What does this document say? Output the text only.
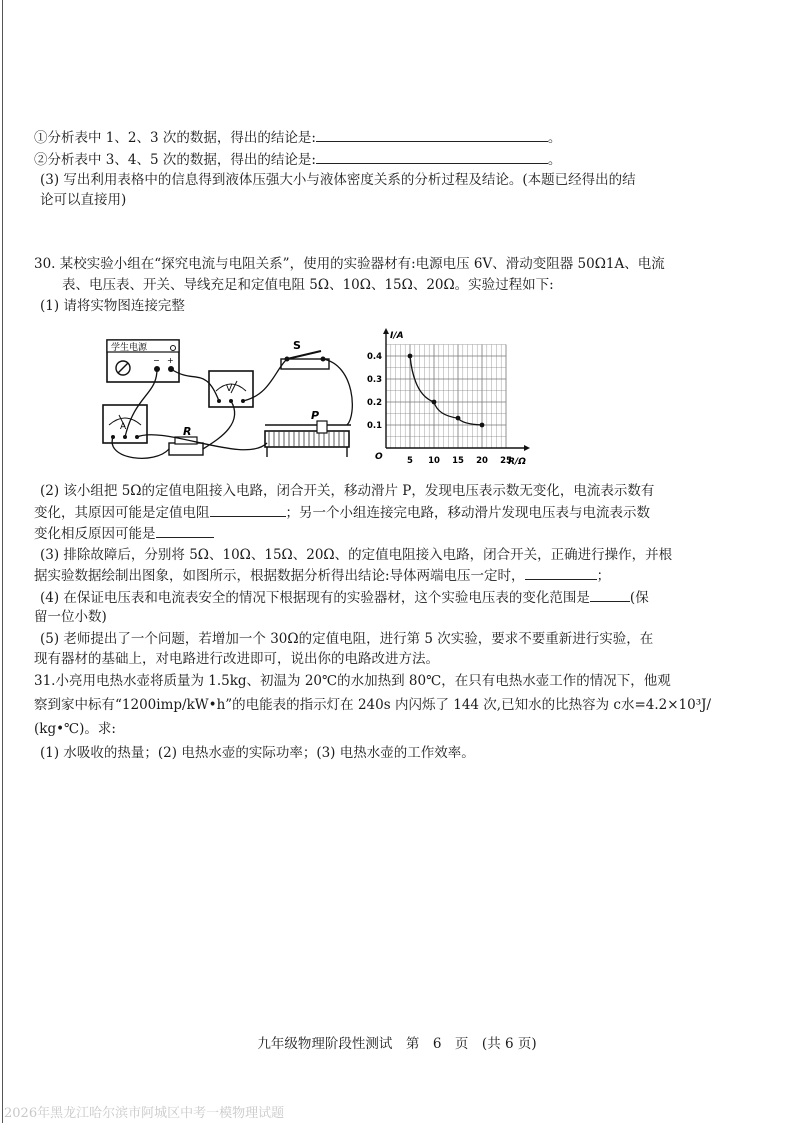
①分析表中 1、2、3 次的数据，得出的结论是:	。
②分析表中 3、4、5 次的数据，得出的结论是:	。
(3) 写出利用表格中的信息得到液体压强大小与液体密度关系的分析过程及结论。(本题已经得出的结
论可以直接用)
30. 某校实验小组在“探究电流与电阻关系”，使用的实验器材有:电源电压 6V、滑动变阻器 50Ω1A、电流
表、电压表、开关、导线充足和定值电阻 5Ω、10Ω、15Ω、20Ω。实验过程如下:
(1) 请将实物图连接完整
学生电源
− +
S
V
A	R
P
I/A
R/Ω
O	5 10 15 20 25
0.1
0.2
0.3
0.4
(2) 该小组把 5Ω的定值电阻接入电路，闭合开关，移动滑片 P，发现电压表示数无变化，电流表示数有
变化，其原因可能是定值电阻	；另一个小组连接完电路，移动滑片发现电压表与电流表示数
变化相反原因可能是
(3) 排除故障后，分别将 5Ω、10Ω、15Ω、20Ω、的定值电阻接入电路，闭合开关，正确进行操作，并根
据实验数据绘制出图象，如图所示，根据数据分析得出结论:导体两端电压一定时，	；
(4) 在保证电压表和电流表安全的情况下根据现有的实验器材，这个实验电压表的变化范围是	(保
留一位小数)
(5) 老师提出了一个问题，若增加一个 30Ω的定值电阻，进行第 5 次实验，要求不要重新进行实验，在
现有器材的基础上，对电路进行改进即可，说出你的电路改进方法。
31.小亮用电热水壶将质量为 1.5kg、初温为 20℃的水加热到 80℃，在只有电热水壶工作的情况下，他观
察到家中标有“1200imp/kW•h”的电能表的指示灯在 240s 内闪烁了 144 次,已知水的比热容为 c水=4.2×10³J/
(kg•℃)。求:
(1) 水吸收的热量；(2) 电热水壶的实际功率；(3) 电热水壶的工作效率。
九年级物理阶段性测试　第　6　页　(共 6 页)
2026年黑龙江哈尔滨市阿城区中考一模物理试题
